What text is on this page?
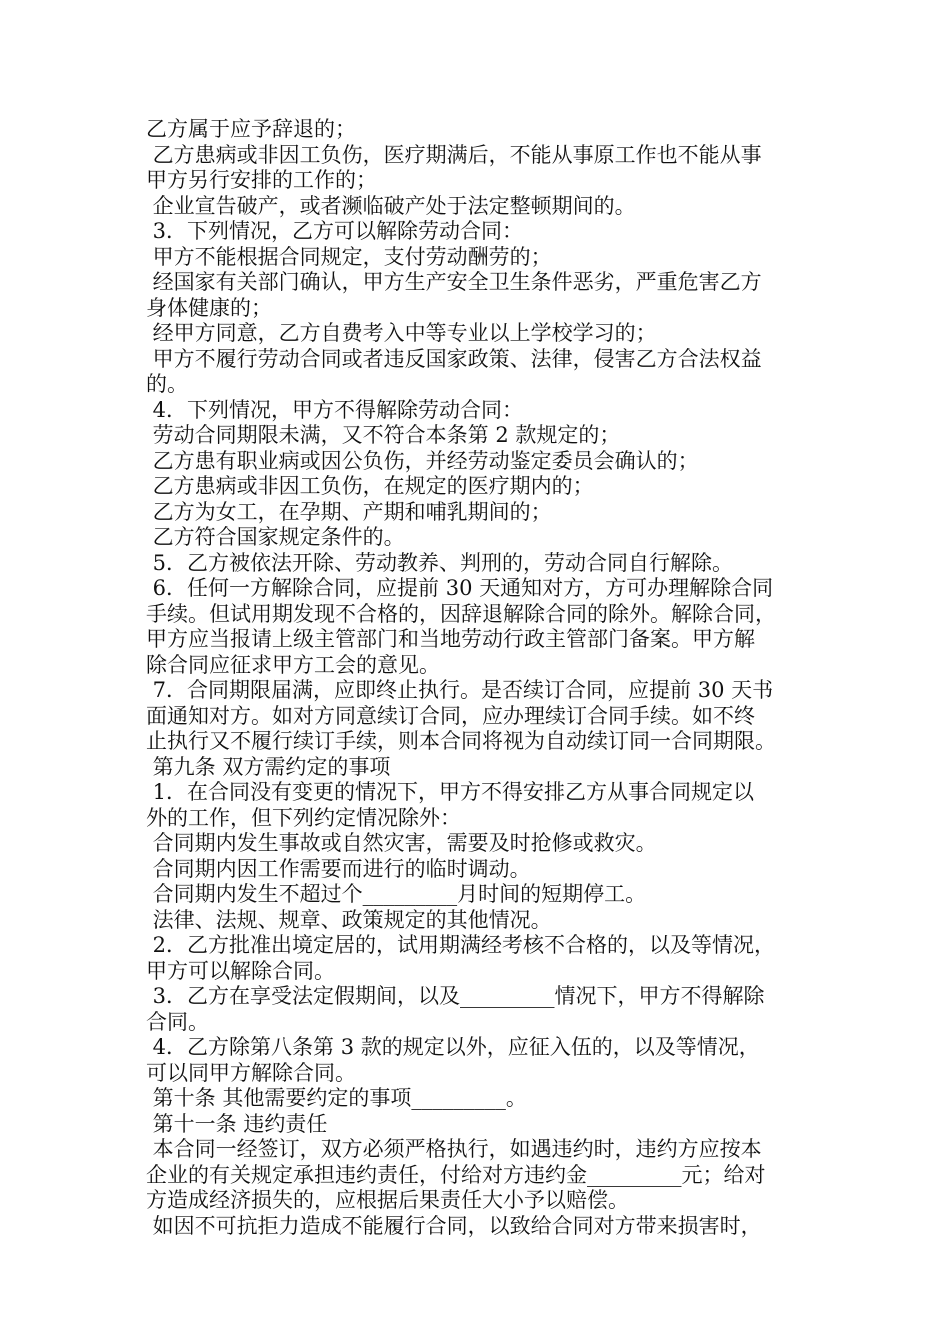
乙方属于应予辞退的；
乙方患病或非因工负伤，医疗期满后，不能从事原工作也不能从事
甲方另行安排的工作的；
企业宣告破产，或者濒临破产处于法定整顿期间的。
3．下列情况，乙方可以解除劳动合同：
甲方不能根据合同规定，支付劳动酬劳的；
经国家有关部门确认，甲方生产安全卫生条件恶劣，严重危害乙方
身体健康的；
经甲方同意，乙方自费考入中等专业以上学校学习的；
甲方不履行劳动合同或者违反国家政策、法律，侵害乙方合法权益
的。
4．下列情况，甲方不得解除劳动合同：
劳动合同期限未满，又不符合本条第 2 款规定的；
乙方患有职业病或因公负伤，并经劳动鉴定委员会确认的；
乙方患病或非因工负伤，在规定的医疗期内的；
乙方为女工，在孕期、产期和哺乳期间的；
乙方符合国家规定条件的。
5．乙方被依法开除、劳动教养、判刑的，劳动合同自行解除。
6．任何一方解除合同，应提前 30 天通知对方，方可办理解除合同
手续。但试用期发现不合格的，因辞退解除合同的除外。解除合同，
甲方应当报请上级主管部门和当地劳动行政主管部门备案。甲方解
除合同应征求甲方工会的意见。
7．合同期限届满，应即终止执行。是否续订合同，应提前 30 天书
面通知对方。如对方同意续订合同，应办理续订合同手续。如不终
止执行又不履行续订手续，则本合同将视为自动续订同一合同期限。
第九条 双方需约定的事项
1．在合同没有变更的情况下，甲方不得安排乙方从事合同规定以
外的工作，但下列约定情况除外：
合同期内发生事故或自然灾害，需要及时抢修或救灾。
合同期内因工作需要而进行的临时调动。
合同期内发生不超过个_________月时间的短期停工。
法律、法规、规章、政策规定的其他情况。
2．乙方批准出境定居的，试用期满经考核不合格的，以及等情况，
甲方可以解除合同。
3．乙方在享受法定假期间，以及_________情况下，甲方不得解除
合同。
4．乙方除第八条第 3 款的规定以外，应征入伍的，以及等情况，
可以同甲方解除合同。
第十条 其他需要约定的事项_________。
第十一条 违约责任
本合同一经签订，双方必须严格执行，如遇违约时，违约方应按本
企业的有关规定承担违约责任，付给对方违约金_________元；给对
方造成经济损失的，应根据后果责任大小予以赔偿。
如因不可抗拒力造成不能履行合同，以致给合同对方带来损害时，
